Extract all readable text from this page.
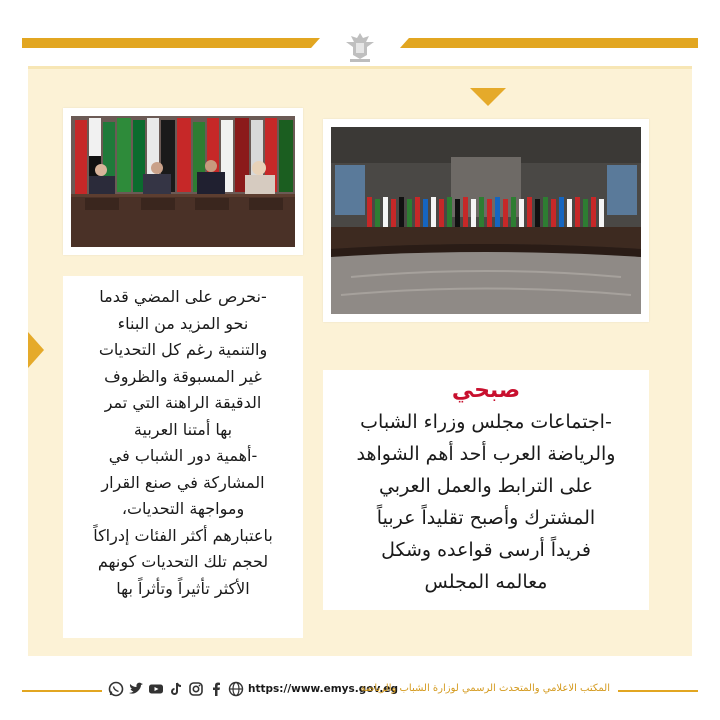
-نحرص على المضي قدما
نحو المزيد من البناء
والتنمية رغم كل التحديات
غير المسبوقة والظروف
الدقيقة الراهنة التي تمر
بها أمتنا العربية
-أهمية دور الشباب في
المشاركة في صنع القرار
ومواجهة التحديات،
باعتبارهم أكثر الفئات إدراكاً
لحجم تلك التحديات كونهم
الأكثر تأثيراً وتأثراً بها
صبحي
-اجتماعات مجلس وزراء الشباب
والرياضة العرب أحد أهم الشواهد
على الترابط والعمل العربي
المشترك وأصبح تقليداً عربياً
فريداً أرسى قواعده وشكل
معالمه المجلس
https://www.emys.gov.eg
المكتب الاعلامي والمتحدث الرسمي لوزارة الشباب والرياضة
